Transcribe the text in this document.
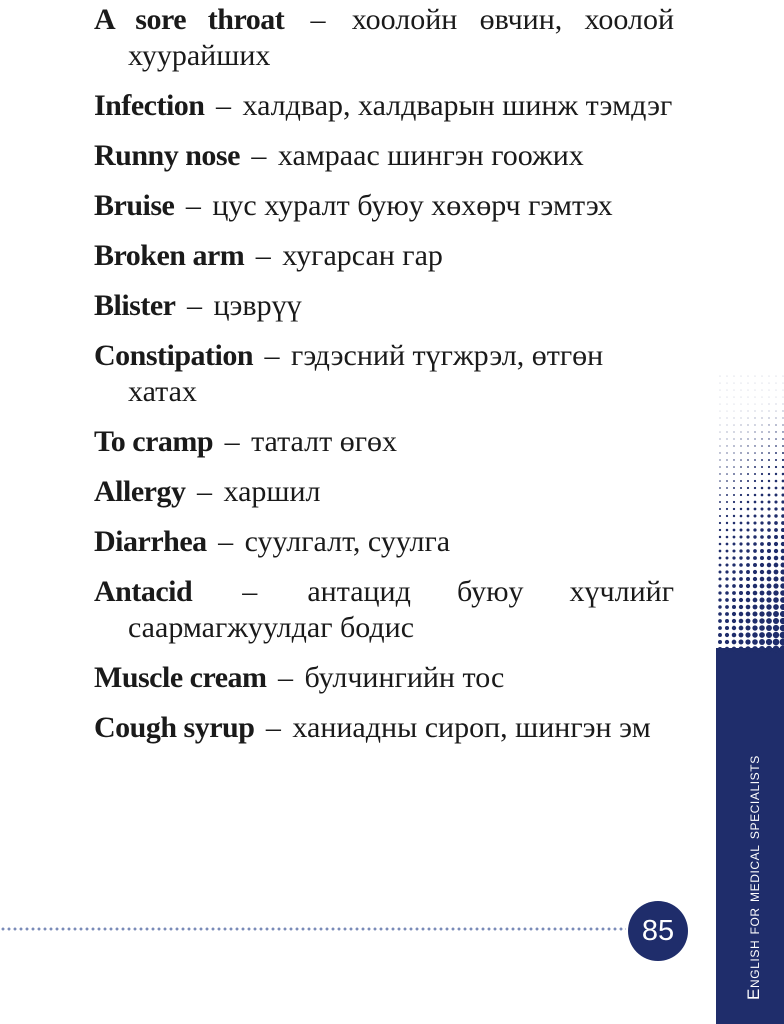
A sore throat – хоолойн өвчин, хоолой хуурайших

Infection – халдвар, халдварын шинж тэмдэг

Runny nose – хамраас шингэн гоожих

Bruise – цус хуралт буюу хөхөрч гэмтэх

Broken arm – хугарсан гар

Blister – цэврүү

Constipation – гэдэсний түгжрэл, өтгөн хатах

To cramp – таталт өгөх

Allergy – харшил

Diarrhea – суулгалт, суулга

Antacid – антацид буюу хүчлийг саармагжуулдаг бодис

Muscle cream – булчингийн тос

Cough syrup – ханиадны сироп, шингэн эм

85	English for medical specialists
